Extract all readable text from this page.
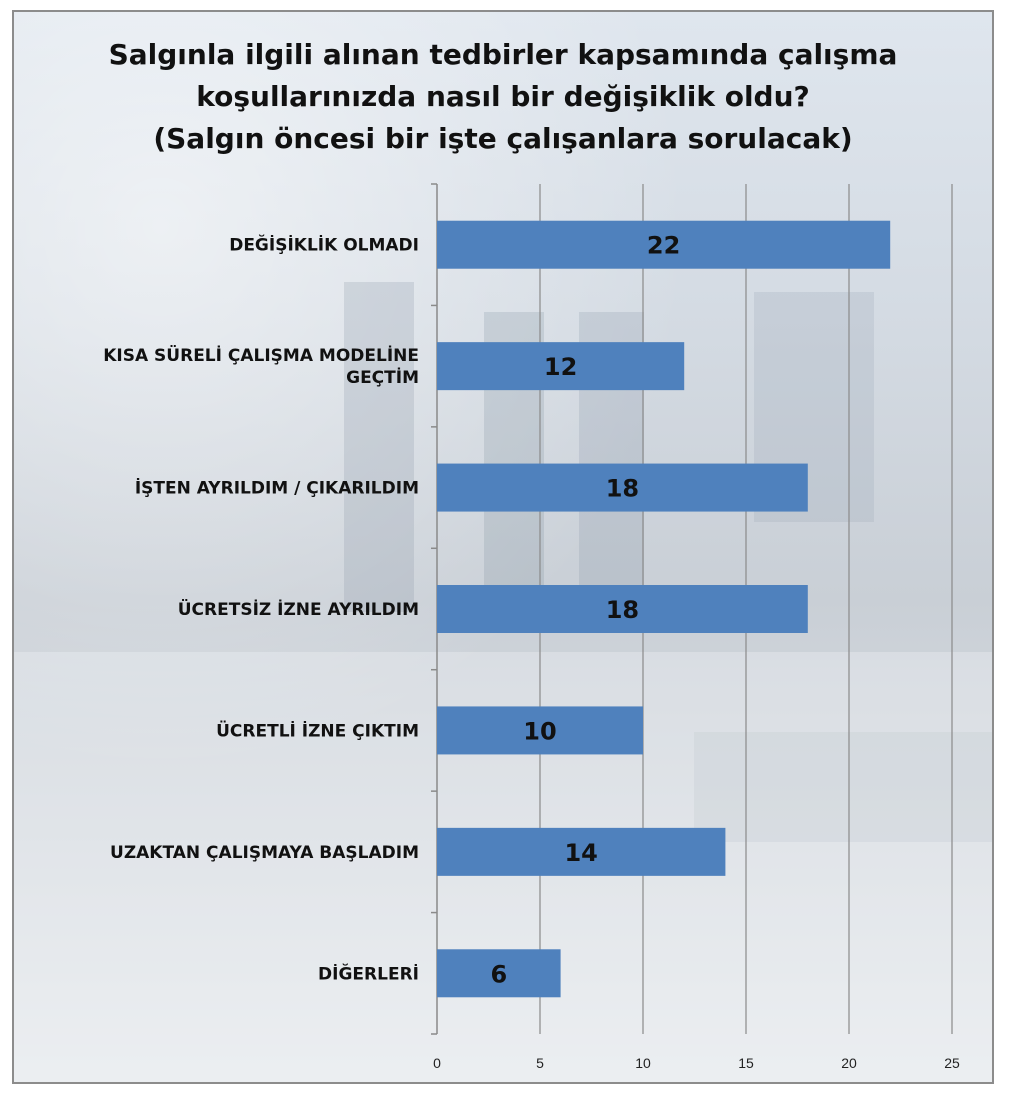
Salgınla ilgili alınan tedbirler kapsamında çalışma
koşullarınızda nasıl bir değişiklik oldu?
(Salgın öncesi bir işte çalışanlara sorulacak)
DEĞİŞİKLİK OLMADI
KISA SÜRELİ ÇALIŞMA MODELİNE GEÇTİM
İŞTEN AYRILDIM / ÇIKARILDIM
ÜCRETSİZ İZNE AYRILDIM
ÜCRETLİ İZNE ÇIKTIM
UZAKTAN ÇALIŞMAYA BAŞLADIM
DİĞERLERİ
22
12
18
18
10
14
6
0	5	10	15	20	25
